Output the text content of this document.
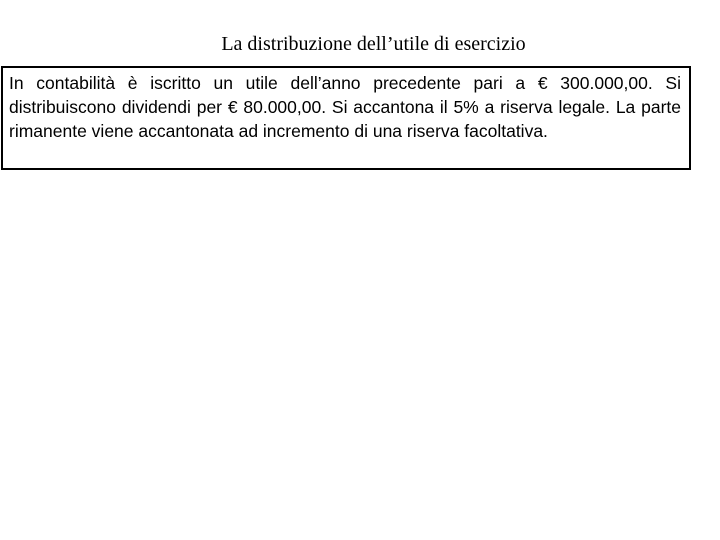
La distribuzione dell’utile di esercizio
In contabilità è iscritto un utile dell’anno precedente pari a € 300.000,00. Si distribuiscono dividendi per € 80.000,00. Si accantona il 5% a riserva legale. La parte rimanente viene accantonata ad incremento di una riserva facoltativa.
